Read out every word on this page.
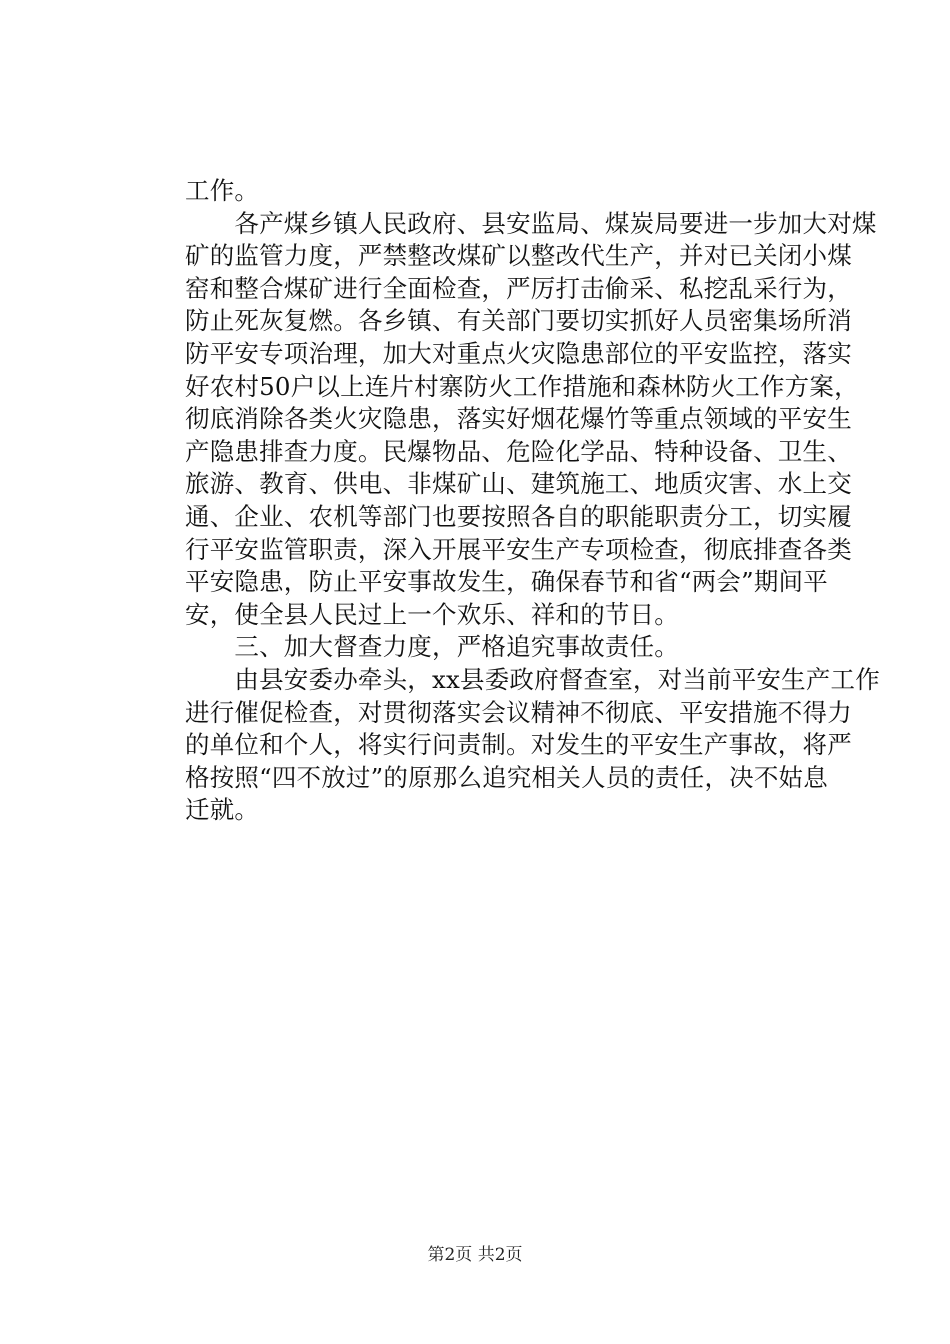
工作。
　　各产煤乡镇人民政府、县安监局、煤炭局要进一步加大对煤
矿的监管力度，严禁整改煤矿以整改代生产，并对已关闭小煤
窑和整合煤矿进行全面检查，严厉打击偷采、私挖乱采行为，
防止死灰复燃。各乡镇、有关部门要切实抓好人员密集场所消
防平安专项治理，加大对重点火灾隐患部位的平安监控，落实
好农村50户以上连片村寨防火工作措施和森林防火工作方案，
彻底消除各类火灾隐患，落实好烟花爆竹等重点领域的平安生
产隐患排查力度。民爆物品、危险化学品、特种设备、卫生、
旅游、教育、供电、非煤矿山、建筑施工、地质灾害、水上交
通、企业、农机等部门也要按照各自的职能职责分工，切实履
行平安监管职责，深入开展平安生产专项检查，彻底排查各类
平安隐患，防止平安事故发生，确保春节和省“两会”期间平
安，使全县人民过上一个欢乐、祥和的节日。
　　三、加大督查力度，严格追究事故责任。
　　由县安委办牵头，xx县委政府督查室，对当前平安生产工作
进行催促检查，对贯彻落实会议精神不彻底、平安措施不得力
的单位和个人，将实行问责制。对发生的平安生产事故，将严
格按照“四不放过”的原那么追究相关人员的责任，决不姑息
迁就。
第2页 共2页
